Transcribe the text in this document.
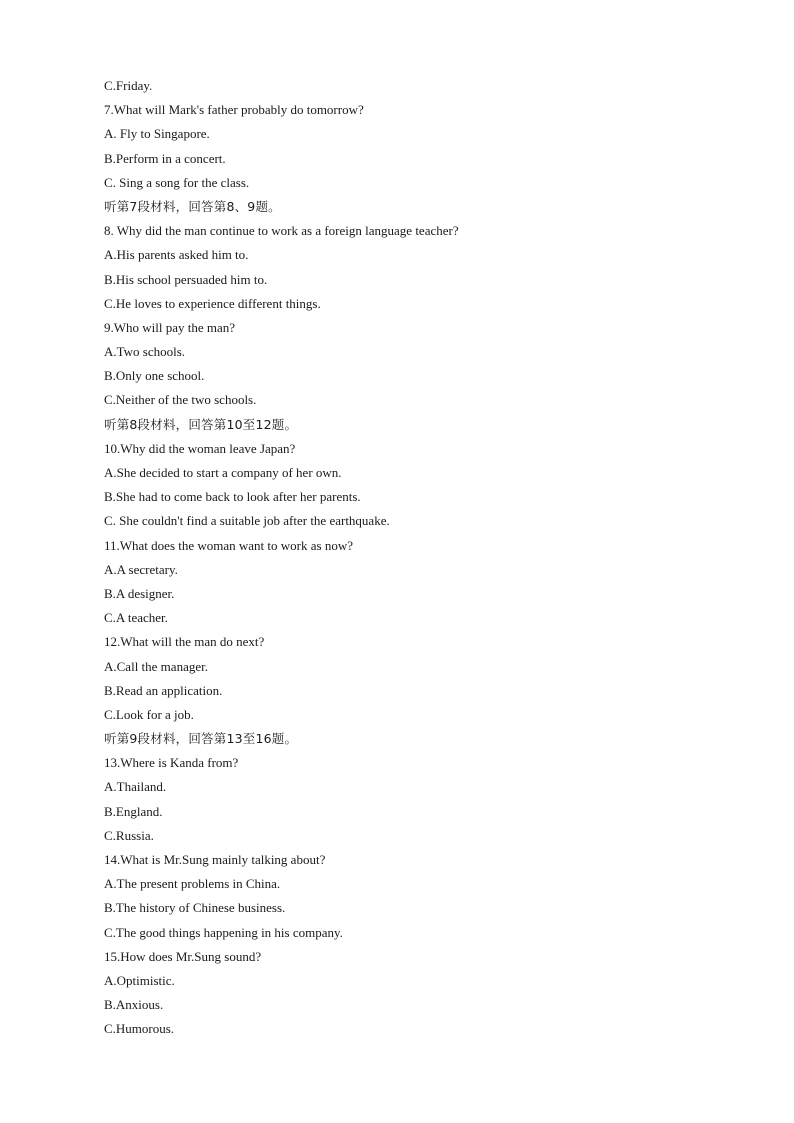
C.Friday.

7.What will Mark's father probably do tomorrow?

A. Fly to Singapore.

B.Perform in a concert.

C. Sing a song for the class.

听第7段材料，回答第8、9题。

8. Why did the man continue to work as a foreign language teacher?

A.His parents asked him to.

B.His school persuaded him to.

C.He loves to experience different things.

9.Who will pay the man?

A.Two schools.

B.Only one school.

C.Neither of the two schools.

听第8段材料，回答第10至12题。

10.Why did the woman leave Japan?

A.She decided to start a company of her own.

B.She had to come back to look after her parents.

C. She couldn't find a suitable job after the earthquake.

11.What does the woman want to work as now?

A.A secretary.

B.A designer.

C.A teacher.

12.What will the man do next?

A.Call the manager.

B.Read an application.

C.Look for a job.

听第9段材料，回答第13至16题。

13.Where is Kanda from?

A.Thailand.

B.England.

C.Russia.

14.What is Mr.Sung mainly talking about?

A.The present problems in China.

B.The history of Chinese business.

C.The good things happening in his company.

15.How does Mr.Sung sound?

A.Optimistic.

B.Anxious.

C.Humorous.
